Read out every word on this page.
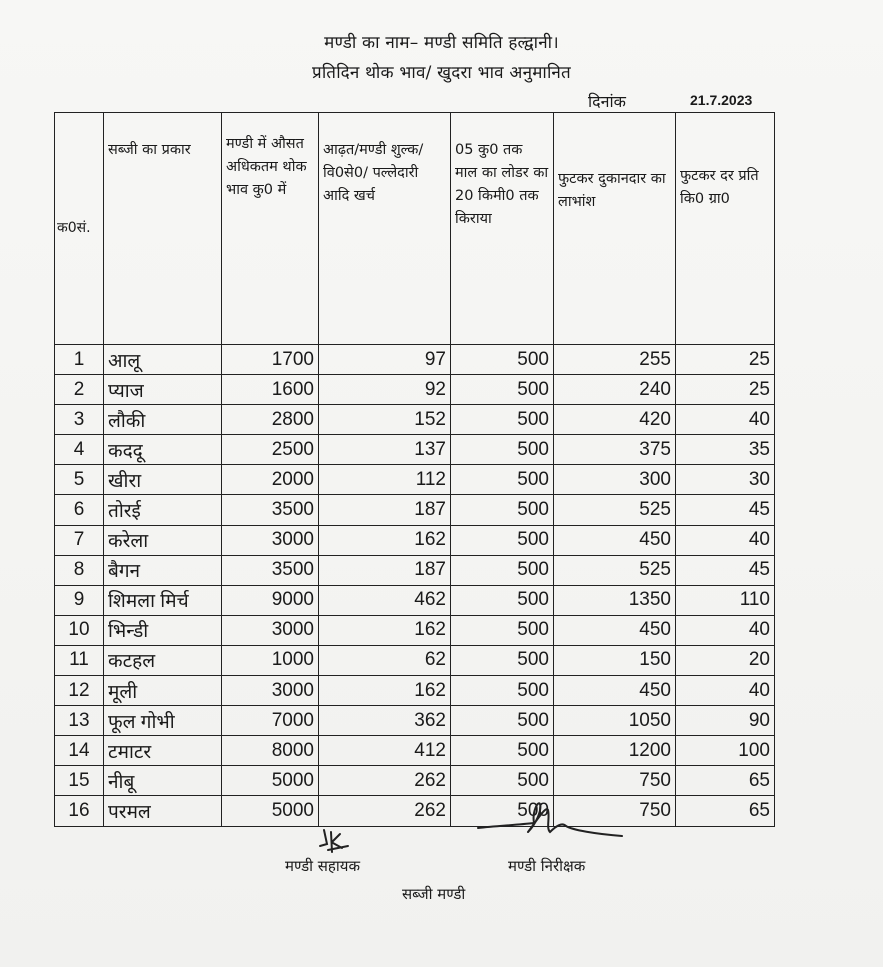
मण्डी का नाम– मण्डी समिति हल्द्वानी।
प्रतिदिन थोक भाव/ खुदरा भाव अनुमानित
दिनांक	21.7.2023
क0सं.	सब्जी का प्रकार	मण्डी में औसत अधिकतम थोक भाव कु0 में	आढ़त/मण्डी शुल्क/ वि0से0/ पल्लेदारी आदि खर्च	05 कु0 तक माल का लोडर का 20 किमी0 तक किराया	फुटकर दुकानदार का लाभांश	फुटकर दर प्रति कि0 ग्रा0
1	आलू	1700	97	500	255	25
2	प्याज	1600	92	500	240	25
3	लौकी	2800	152	500	420	40
4	कददू	2500	137	500	375	35
5	खीरा	2000	112	500	300	30
6	तोरई	3500	187	500	525	45
7	करेला	3000	162	500	450	40
8	बैगन	3500	187	500	525	45
9	शिमला मिर्च	9000	462	500	1350	110
10	भिन्डी	3000	162	500	450	40
11	कटहल	1000	62	500	150	20
12	मूली	3000	162	500	450	40
13	फूल गोभी	7000	362	500	1050	90
14	टमाटर	8000	412	500	1200	100
15	नीबू	5000	262	500	750	65
16	परमल	5000	262	500	750	65
मण्डी सहायक	मण्डी निरीक्षक
सब्जी मण्डी
